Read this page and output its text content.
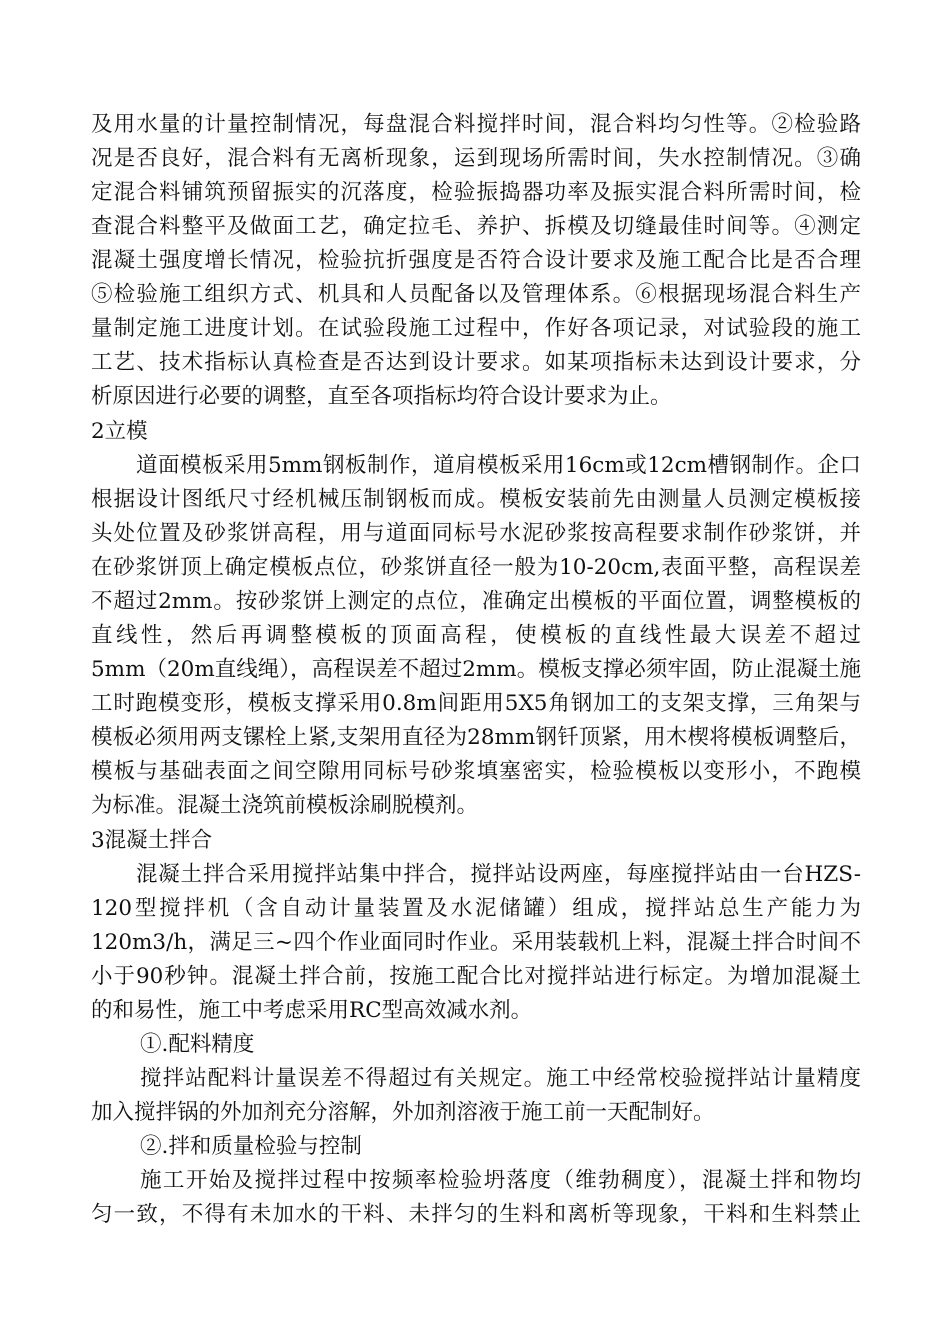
及用水量的计量控制情况，每盘混合料搅拌时间，混合料均匀性等。②检验路
况是否良好，混合料有无离析现象，运到现场所需时间，失水控制情况。③确
定混合料铺筑预留振实的沉落度，检验振捣器功率及振实混合料所需时间，检
查混合料整平及做面工艺，确定拉毛、养护、拆模及切缝最佳时间等。④测定
混凝土强度增长情况，检验抗折强度是否符合设计要求及施工配合比是否合理
⑤检验施工组织方式、机具和人员配备以及管理体系。⑥根据现场混合料生产
量制定施工进度计划。在试验段施工过程中，作好各项记录，对试验段的施工
工艺、技术指标认真检查是否达到设计要求。如某项指标未达到设计要求，分
析原因进行必要的调整，直至各项指标均符合设计要求为止。
2立模
道面模板采用5mm钢板制作，道肩模板采用16cm或12cm槽钢制作。企口
根据设计图纸尺寸经机械压制钢板而成。模板安装前先由测量人员测定模板接
头处位置及砂浆饼高程，用与道面同标号水泥砂浆按高程要求制作砂浆饼，并
在砂浆饼顶上确定模板点位，砂浆饼直径一般为10-20cm,表面平整，高程误差
不超过2mm。按砂浆饼上测定的点位，准确定出模板的平面位置，调整模板的
直线性，然后再调整模板的顶面高程，使模板的直线性最大误差不超过
5mm（20m直线绳），高程误差不超过2mm。模板支撑必须牢固，防止混凝土施
工时跑模变形，模板支撑采用0.8m间距用5X5角钢加工的支架支撑，三角架与
模板必须用两支镙栓上紧,支架用直径为28mm钢钎顶紧，用木楔将模板调整后，
模板与基础表面之间空隙用同标号砂浆填塞密实，检验模板以变形小，不跑模
为标准。混凝土浇筑前模板涂刷脱模剂。
3混凝土拌合
混凝土拌合采用搅拌站集中拌合，搅拌站设两座，每座搅拌站由一台HZS-
120型搅拌机（含自动计量装置及水泥储罐）组成，搅拌站总生产能力为
120m3/h，满足三~四个作业面同时作业。采用装载机上料，混凝土拌合时间不
小于90秒钟。混凝土拌合前，按施工配合比对搅拌站进行标定。为增加混凝土
的和易性，施工中考虑采用RC型高效减水剂。
①.配料精度
搅拌站配料计量误差不得超过有关规定。施工中经常校验搅拌站计量精度
加入搅拌锅的外加剂充分溶解，外加剂溶液于施工前一天配制好。
②.拌和质量检验与控制
施工开始及搅拌过程中按频率检验坍落度（维勃稠度），混凝土拌和物均
匀一致，不得有未加水的干料、未拌匀的生料和离析等现象，干料和生料禁止
